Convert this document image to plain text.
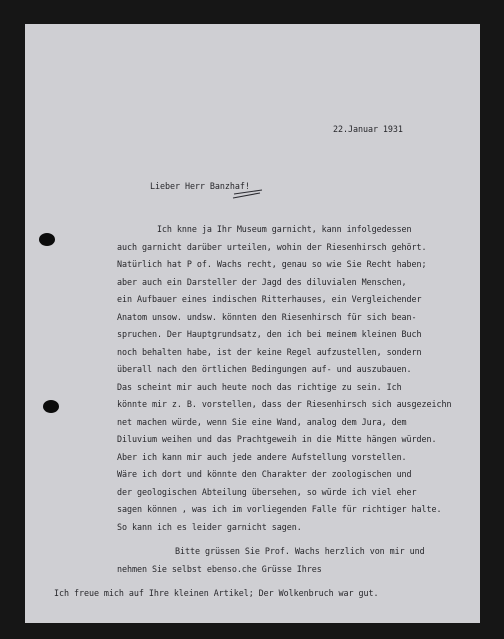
22.Januar 1931
Lieber Herr Banzhaf!
Ich knne ja Ihr Museum garnicht, kann infolgedessen
auch garnicht darüber urteilen, wohin der Riesenhirsch gehört.
Natürlich hat P of. Wachs recht, genau so wie Sie Recht haben;
aber auch ein Darsteller der Jagd des diluvialen Menschen,
ein Aufbauer eines indischen Ritterhauses, ein Vergleichender
Anatom unsow. undsw. könnten den Riesenhirsch für sich bean-
spruchen. Der Hauptgrundsatz, den ich bei meinem kleinen Buch
noch behalten habe, ist der keine Regel aufzustellen, sondern
überall nach den örtlichen Bedingungen auf- und auszubauen.
Das scheint mir auch heute noch das richtige zu sein. Ich
könnte mir z. B. vorstellen, dass der Riesenhirsch sich ausgezeichn
net machen würde, wenn Sie eine Wand, analog dem Jura, dem
Diluvium weihen und das Prachtgeweih in die Mitte hängen würden.
Aber ich kann mir auch jede andere Aufstellung vorstellen.
Wäre ich dort und könnte den Charakter der zoologischen und
der geologischen Abteilung übersehen, so würde ich viel eher
sagen können , was ich im vorliegenden Falle für richtiger halte.
So kann ich es leider garnicht sagen.
Bitte grüssen Sie Prof. Wachs herzlich von mir und
nehmen Sie selbst ebenso.che Grüsse Ihres
Ich freue mich auf Ihre kleinen Artikel; Der Wolkenbruch war gut.
